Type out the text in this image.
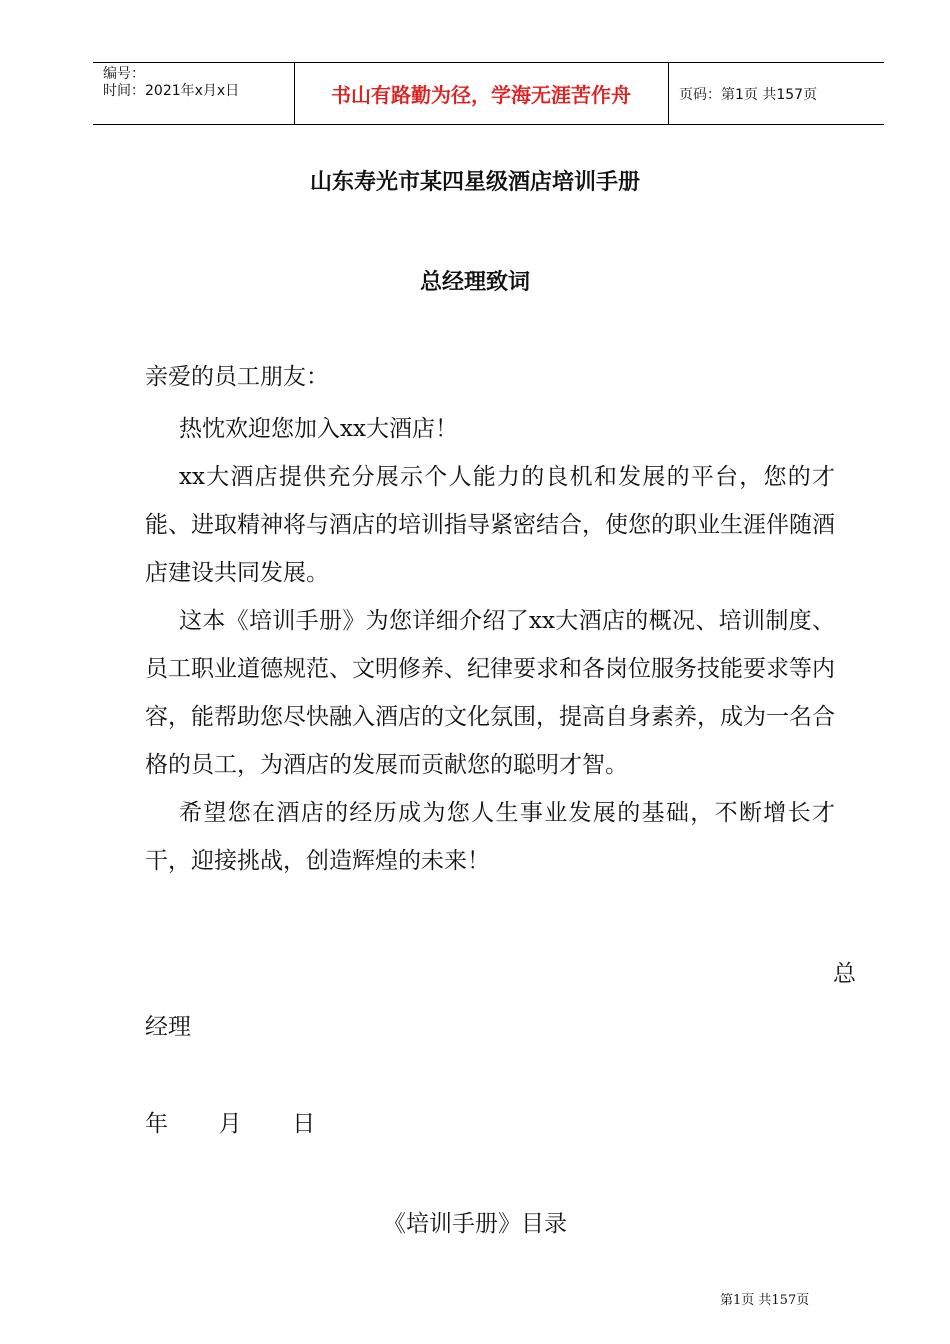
编号：
时间：2021年x月x日	书山有路勤为径，学海无涯苦作舟	页码：第1页 共157页
山东寿光市某四星级酒店培训手册
总经理致词
亲爱的员工朋友：

热忱欢迎您加入xx大酒店！

xx大酒店提供充分展示个人能力的良机和发展的平台，您的才能、进取精神将与酒店的培训指导紧密结合，使您的职业生涯伴随酒店建设共同发展。

这本《培训手册》为您详细介绍了xx大酒店的概况、培训制度、员工职业道德规范、文明修养、纪律要求和各岗位服务技能要求等内容，能帮助您尽快融入酒店的文化氛围，提高自身素养，成为一名合格的员工，为酒店的发展而贡献您的聪明才智。

希望您在酒店的经历成为您人生事业发展的基础，不断增长才干，迎接挑战，创造辉煌的未来！

总
经理
年 月 日
《培训手册》目录
第1页 共157页
